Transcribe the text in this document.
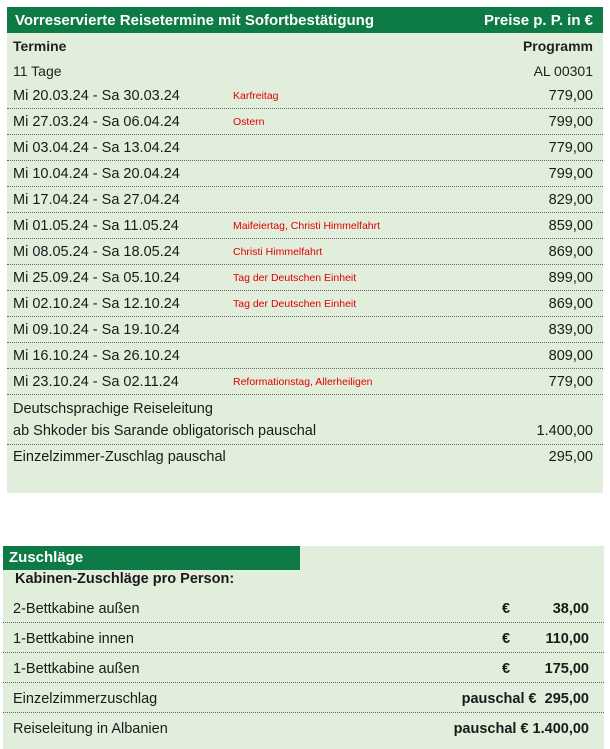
Vorreservierte Reisetermine mit Sofortbestätigung	Preise p. P. in €
Termine	Programm
11 Tage	AL 00301
Mi 20.03.24 - Sa 30.03.24	Karfreitag	779,00
Mi 27.03.24 - Sa 06.04.24	Ostern	799,00
Mi 03.04.24 - Sa 13.04.24	779,00
Mi 10.04.24 - Sa 20.04.24	799,00
Mi 17.04.24 - Sa 27.04.24	829,00
Mi 01.05.24 - Sa 11.05.24	Maifeiertag, Christi Himmelfahrt	859,00
Mi 08.05.24 - Sa 18.05.24	Christi Himmelfahrt	869,00
Mi 25.09.24 - Sa 05.10.24	Tag der Deutschen Einheit	899,00
Mi 02.10.24 - Sa 12.10.24	Tag der Deutschen Einheit	869,00
Mi 09.10.24 - Sa 19.10.24	839,00
Mi 16.10.24 - Sa 26.10.24	809,00
Mi 23.10.24 - Sa 02.11.24	Reformationstag, Allerheiligen	779,00
Deutschsprachige Reiseleitung
ab Shkoder bis Sarande obligatorisch pauschal	1.400,00
Einzelzimmer-Zuschlag pauschal	295,00
Zuschläge
Kabinen-Zuschläge pro Person:
2-Bettkabine außen	€	38,00
1-Bettkabine innen	€ 110,00
1-Bettkabine außen	€ 175,00
Einzelzimmerzuschlag	pauschal €  295,00
Reiseleitung in Albanien	pauschal € 1.400,00
